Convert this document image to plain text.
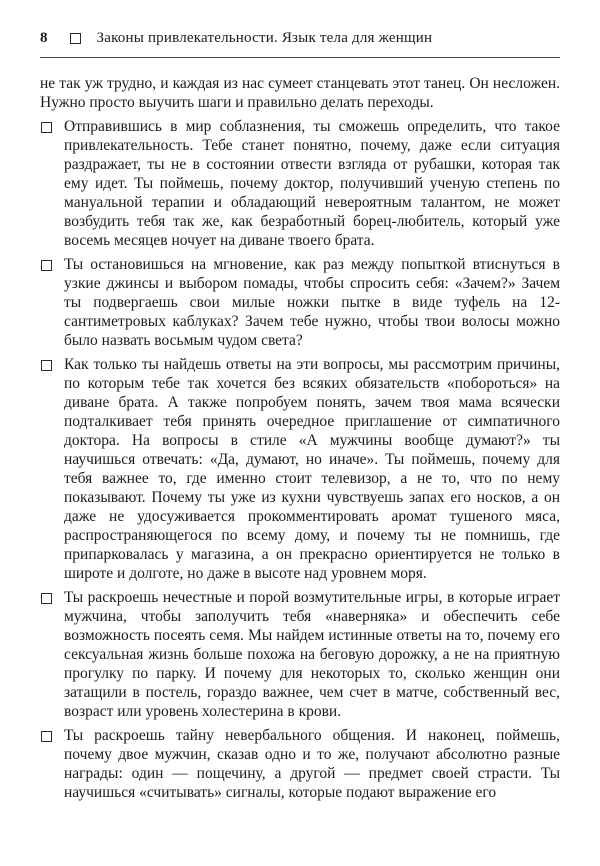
8	Законы привлекательности. Язык тела для женщин

не так уж трудно, и каждая из нас сумеет станцевать этот танец. Он несложен. Нужно просто выучить шаги и правильно делать переходы.

Отправившись в мир соблазнения, ты сможешь определить, что такое привлекательность. Тебе станет понятно, почему, даже если ситуация раздражает, ты не в состоянии отвести взгляда от рубашки, которая так ему идет. Ты поймешь, почему доктор, получивший ученую степень по мануальной терапии и обладающий невероятным талантом, не может возбудить тебя так же, как безработный борец-любитель, который уже восемь месяцев ночует на диване твоего брата.
Ты остановишься на мгновение, как раз между попыткой втиснуться в узкие джинсы и выбором помады, чтобы спросить себя: «Зачем?» Зачем ты подвергаешь свои милые ножки пытке в виде туфель на 12-сантиметровых каблуках? Зачем тебе нужно, чтобы твои волосы можно было назвать восьмым чудом света?
Как только ты найдешь ответы на эти вопросы, мы рассмотрим причины, по которым тебе так хочется без всяких обязательств «побороться» на диване брата. А также попробуем понять, зачем твоя мама всячески подталкивает тебя принять очередное приглашение от симпатичного доктора. На вопросы в стиле «А мужчины вообще думают?» ты научишься отвечать: «Да, думают, но иначе». Ты поймешь, почему для тебя важнее то, где именно стоит телевизор, а не то, что по нему показывают. Почему ты уже из кухни чувствуешь запах его носков, а он даже не удосуживается прокомментировать аромат тушеного мяса, распространяющегося по всему дому, и почему ты не помнишь, где припарковалась у магазина, а он прекрасно ориентируется не только в широте и долготе, но даже в высоте над уровнем моря.
Ты раскроешь нечестные и порой возмутительные игры, в которые играет мужчина, чтобы заполучить тебя «наверняка» и обеспечить себе возможность посеять семя. Мы найдем истинные ответы на то, почему его сексуальная жизнь больше похожа на беговую дорожку, а не на приятную прогулку по парку. И почему для некоторых то, сколько женщин они затащили в постель, гораздо важнее, чем счет в матче, собственный вес, возраст или уровень холестерина в крови.
Ты раскроешь тайну невербального общения. И наконец, поймешь, почему двое мужчин, сказав одно и то же, получают абсолютно разные награды: один — пощечину, а другой — предмет своей страсти. Ты научишься «считывать» сигналы, которые подают выражение его
